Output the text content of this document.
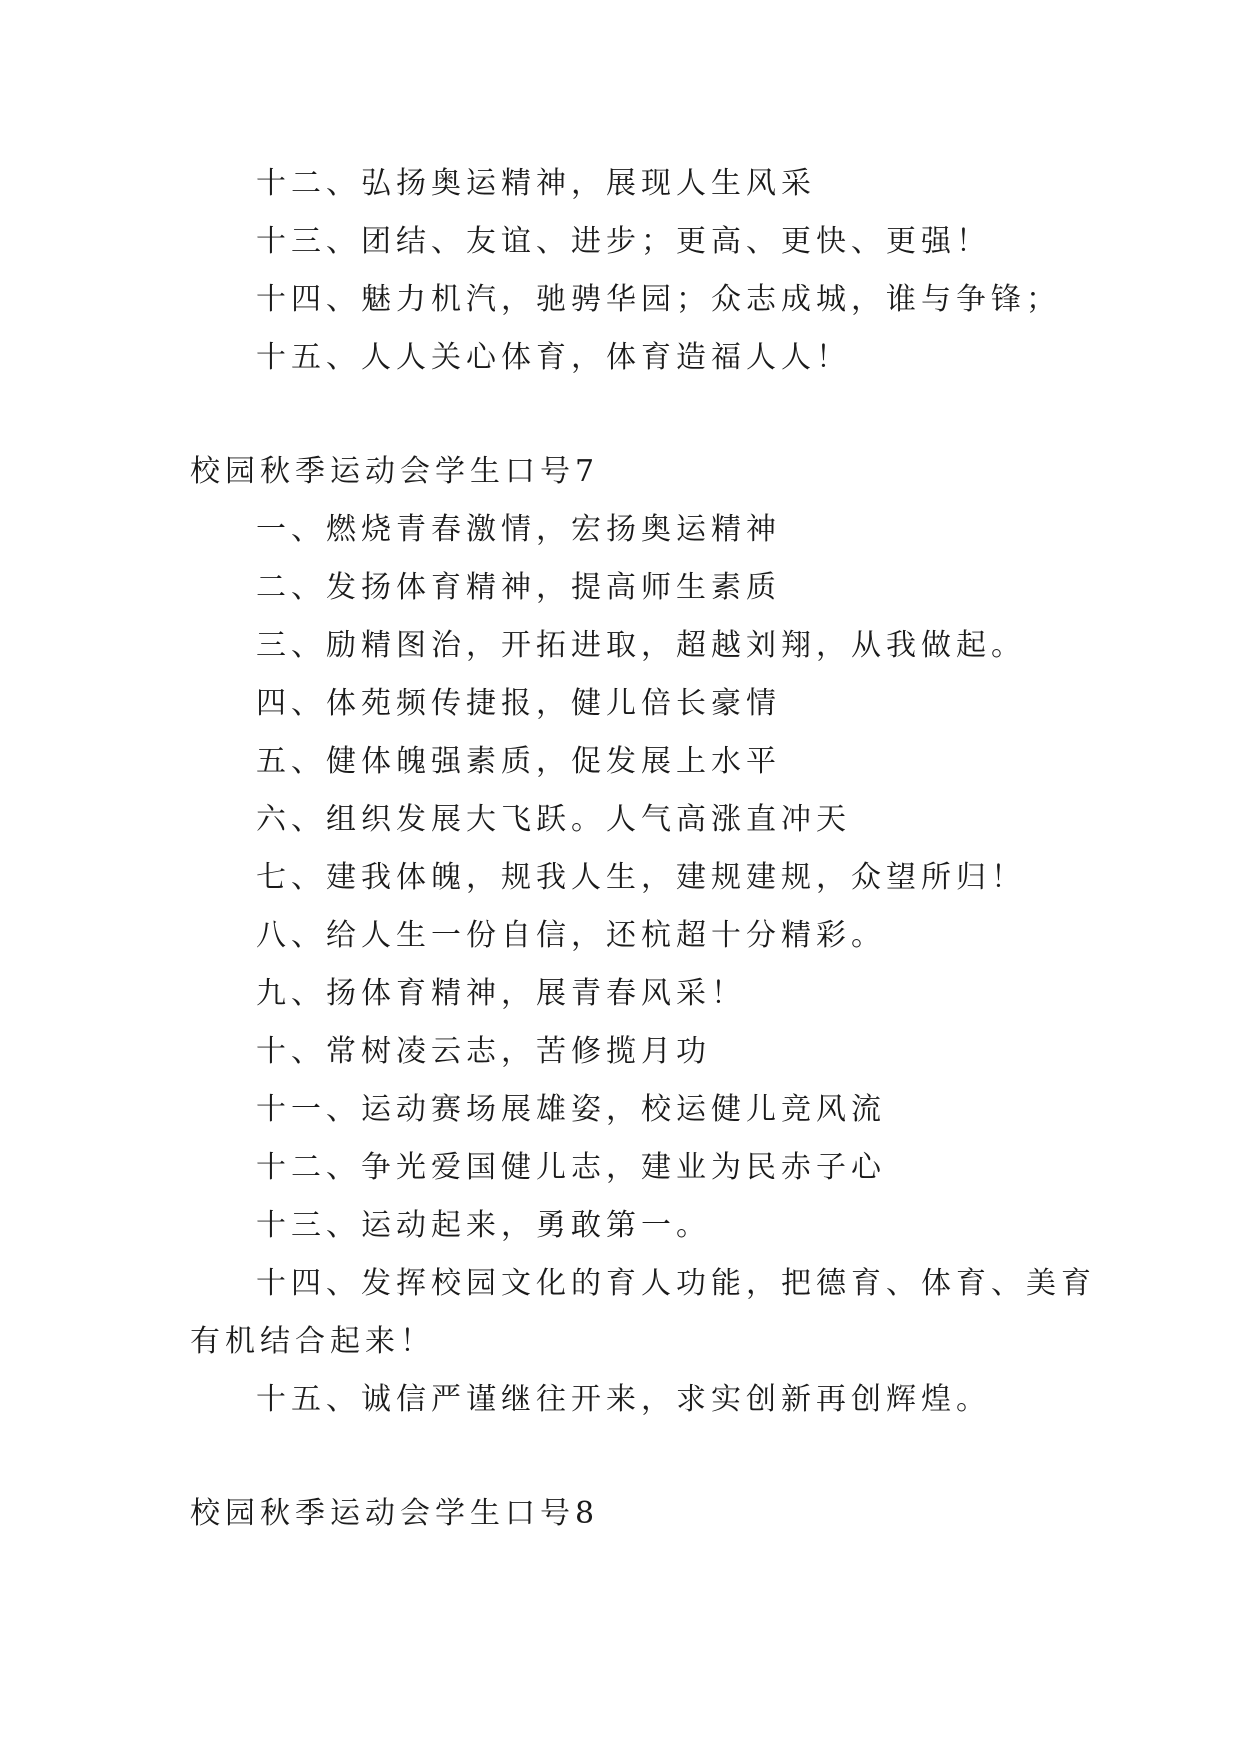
十二、弘扬奥运精神，展现人生风采
十三、团结、友谊、进步；更高、更快、更强！
十四、魅力机汽，驰骋华园；众志成城，谁与争锋；
十五、人人关心体育，体育造福人人！
校园秋季运动会学生口号7
一、燃烧青春激情，宏扬奥运精神
二、发扬体育精神，提高师生素质
三、励精图治，开拓进取，超越刘翔，从我做起。
四、体苑频传捷报，健儿倍长豪情
五、健体魄强素质，促发展上水平
六、组织发展大飞跃。人气高涨直冲天
七、建我体魄，规我人生，建规建规，众望所归！
八、给人生一份自信，还杭超十分精彩。
九、扬体育精神，展青春风采！
十、常树凌云志，苦修揽月功
十一、运动赛场展雄姿，校运健儿竞风流
十二、争光爱国健儿志，建业为民赤子心
十三、运动起来，勇敢第一。
十四、发挥校园文化的育人功能，把德育、体育、美育
有机结合起来！
十五、诚信严谨继往开来，求实创新再创辉煌。
校园秋季运动会学生口号8
